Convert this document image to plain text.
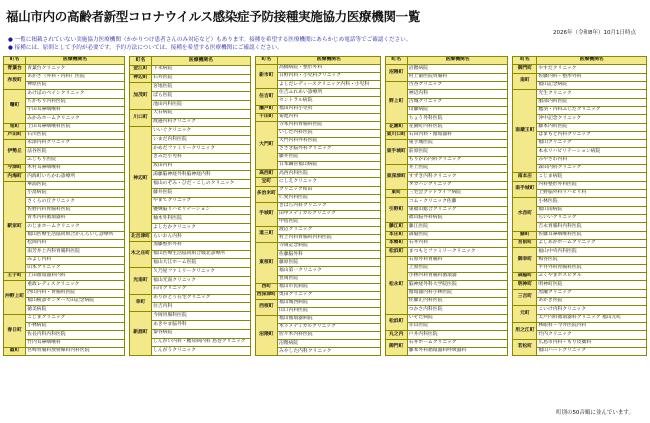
福山市内の高齢者新型コロナウイルス感染症予防接種実施協力医療機関一覧
2026年（令和8年）10月1日時点
● 一覧に掲載されていない実施協力医療機関（かかりつけ患者さんのみ対応など）もあります。接種を希望する医療機関にあらかじめ電話等でご確認ください。
● 接種には、原則として予約が必要です。予約方法については、接種を希望する医療機関にご確認ください。
町名	医療機関名
青葉台	青葉台クリニック
赤坂町	あかざ（外科・内科）医院
	神原医院
曙町	あけぼのペインクリニック
	ちかもり内科医院
	宇田耳鼻咽喉科
	みかみホームクリニック
旭町	上田耳鼻咽喉科医院
芦田町	石川医院
伊勢丘	永澤内科クリニック
	法谷医院
	ふじもり医院
今津町	木村耳鼻咽喉科
内海町	内海町いちかわ診療所
駅家町	華浦医院
	小畠病院
	さくらの丘クリニック
	佐野内科胃腸科医院
	青木内科循環器科
	のじまホームクリニック
	福山医療生活協同組合かんらいし診療所
	松岡内科
	南芳井上内科胃腸科医院
	みよし内科
	山本クリニック
王子町	上田循環器科内科
沖野上町	重政レディスクリニック
	西山内科・胃腸科医院
	福山検診センター大田記念病院
	徳美病院
春日町	こじまクリニック
	小林病院
	佐長内科内科医院
	竹内耳鼻咽喉科
霞町	宮崎胃腸科放射線科内科医院
町名	医療機関名
金江町	下永病院
神辺町	石井医院
加茂町	宮地医院
	ばら医院
	池田内科医院
川口町	大石病院
	渡邉内科クリニック
神辺町	いいぐクリニック
	いまだ内科医院
	かめだファミリークリニック
	きみだ小児科
	坂田内科
	湯藤脳神経外科脳神経内科
	福山のぞみ・ひだ・こしのクリニック
	藤井医院
	やまてクリニック
	優輝脳リハビリテーション
	柚木外科医院
	よしたかクリニック
北吉津町	らいおん内科
木之庄町	加藤整形外科
	福山医療生活協同組合城北診療所
	福山大江ホーム医院
光南町	久乃屋ファミリークリニック
	福山光南クリニック
	石川クリニック
幸町	ありがとう在宅クリニック
	住吉内科
新涯町	今岡胃腸科医院
	あきやま脳外科
	秦谷病院
	しんがい内科・糖尿病内科 島巻クリニック
	しんがうクリニック
町名	医療機関名
新市町	高橋病院・整形外科
	日野内科・小児科クリニック
	よしだレディースクリニック内科・小児科
住吉町	住吉ふれあい診療所
	セントラル病院
瀬戸町	福田内科小児科
千田町	菊池内科
大門町	寺本内科胃腸科医院
	いしだ内科医院
	大門内科外科医院
	ささき脳外科クリニック
	藤井医院
	日本鋼管福山病院
高西町	高西内科医院
宝町	にしえクリニック
多治米町	クリニック和田
	仁愛内科医院
手城町	きはら内科クリニック
	田中メディカルクリニック
	中島医院
道三町	渡辺クリニック
	村上内科胃腸科内科医院
東桜町	寺岡記念病院
	佐藤脳外科
	藤原医院
	福山第一クリニック
	豊岡医院
西町	福山市民病院
西深津町	奥田クリニック
西桜町	福山城西病院
	山口内科医院
沼隈町	福山循環器病院
	木下メディカルクリニック
	佐々木内科医院
	沼隈病院
	みやした内科クリニック
町名	医療機関名
沼隈町	沼隈病院
	村上歯医院胃腸科
野上町	古谷クリニック
	神辺内科
	古城クリニック
	山藤病院
	ちょう外科医院
花園町	花園町内科医院
東川口町	石田内科・循環器科
東手城町	東手城医院
	前原医院
	もりかわ内科クリニック
東深津町	井上医院
	すずき内科クリニック
	タカハシクリニック
東町	三宅会グッドライフ病院
引野町	コム・クリニック佐藤
	東福山総合クリニック
	福山脳外科病院
藤江町	藤江医院
本庄町	森脇医院
本郷町	石井内科
松浜町	まつもとファミリークリニック
松永町	石原外科胃腸科
	上原医院
	小林内科胃腸科循環器
	脳神経外科大学院医院
	循環器内科小林医院
	佐藤正内科医院
	つかさ内科医院
松浜町	いそだ病院
	赤山医院
丸之内	戸井内科医院
御門町	石井ホームクリニック
	藤本外科循環器科呼吸器科
町名	医療機関名
御門町	やすだクリニック
南町	佐藤内科・整形外科
	福山記念病院
南蔵王町	光生クリニック
	服部内科医院
	鷹羽・内科ふじたクリニック
	沖中記念クリニック
	藤本内科医院
	はまもと内科クリニック
	福山クリニック
	本永リハビリテーション病院
	みやざわ内科
	森田内科クリニック
南本庄	こじま病院
南手城町	内科整形外科医院
	上野脳外科リハビリ科
水呑町	小林医院
	福山南病院
	らいいクリニック
	吉永胃腸科内科医院
緑町	佐藤耳鼻咽喉科医院
宮前町	よしあかホームクリニック
御幸町	福山中央内科医院
	梅谷医院
	平井外科胃腸科医院
森脇町	ふくやまホスピタル
明神町	明神町医院
三吉町	黒瀬クリニック
	あかぎ医院
元町	こいけ内科クリニック
	太戸内科循環器科クリニック 福山元町
用之江町	林眼科・今井医院内科
	竹内クリニック
若松町	広島市内科・もり皮膚科
	福山ハートクリニック
町別の50音順に並んでいます。
